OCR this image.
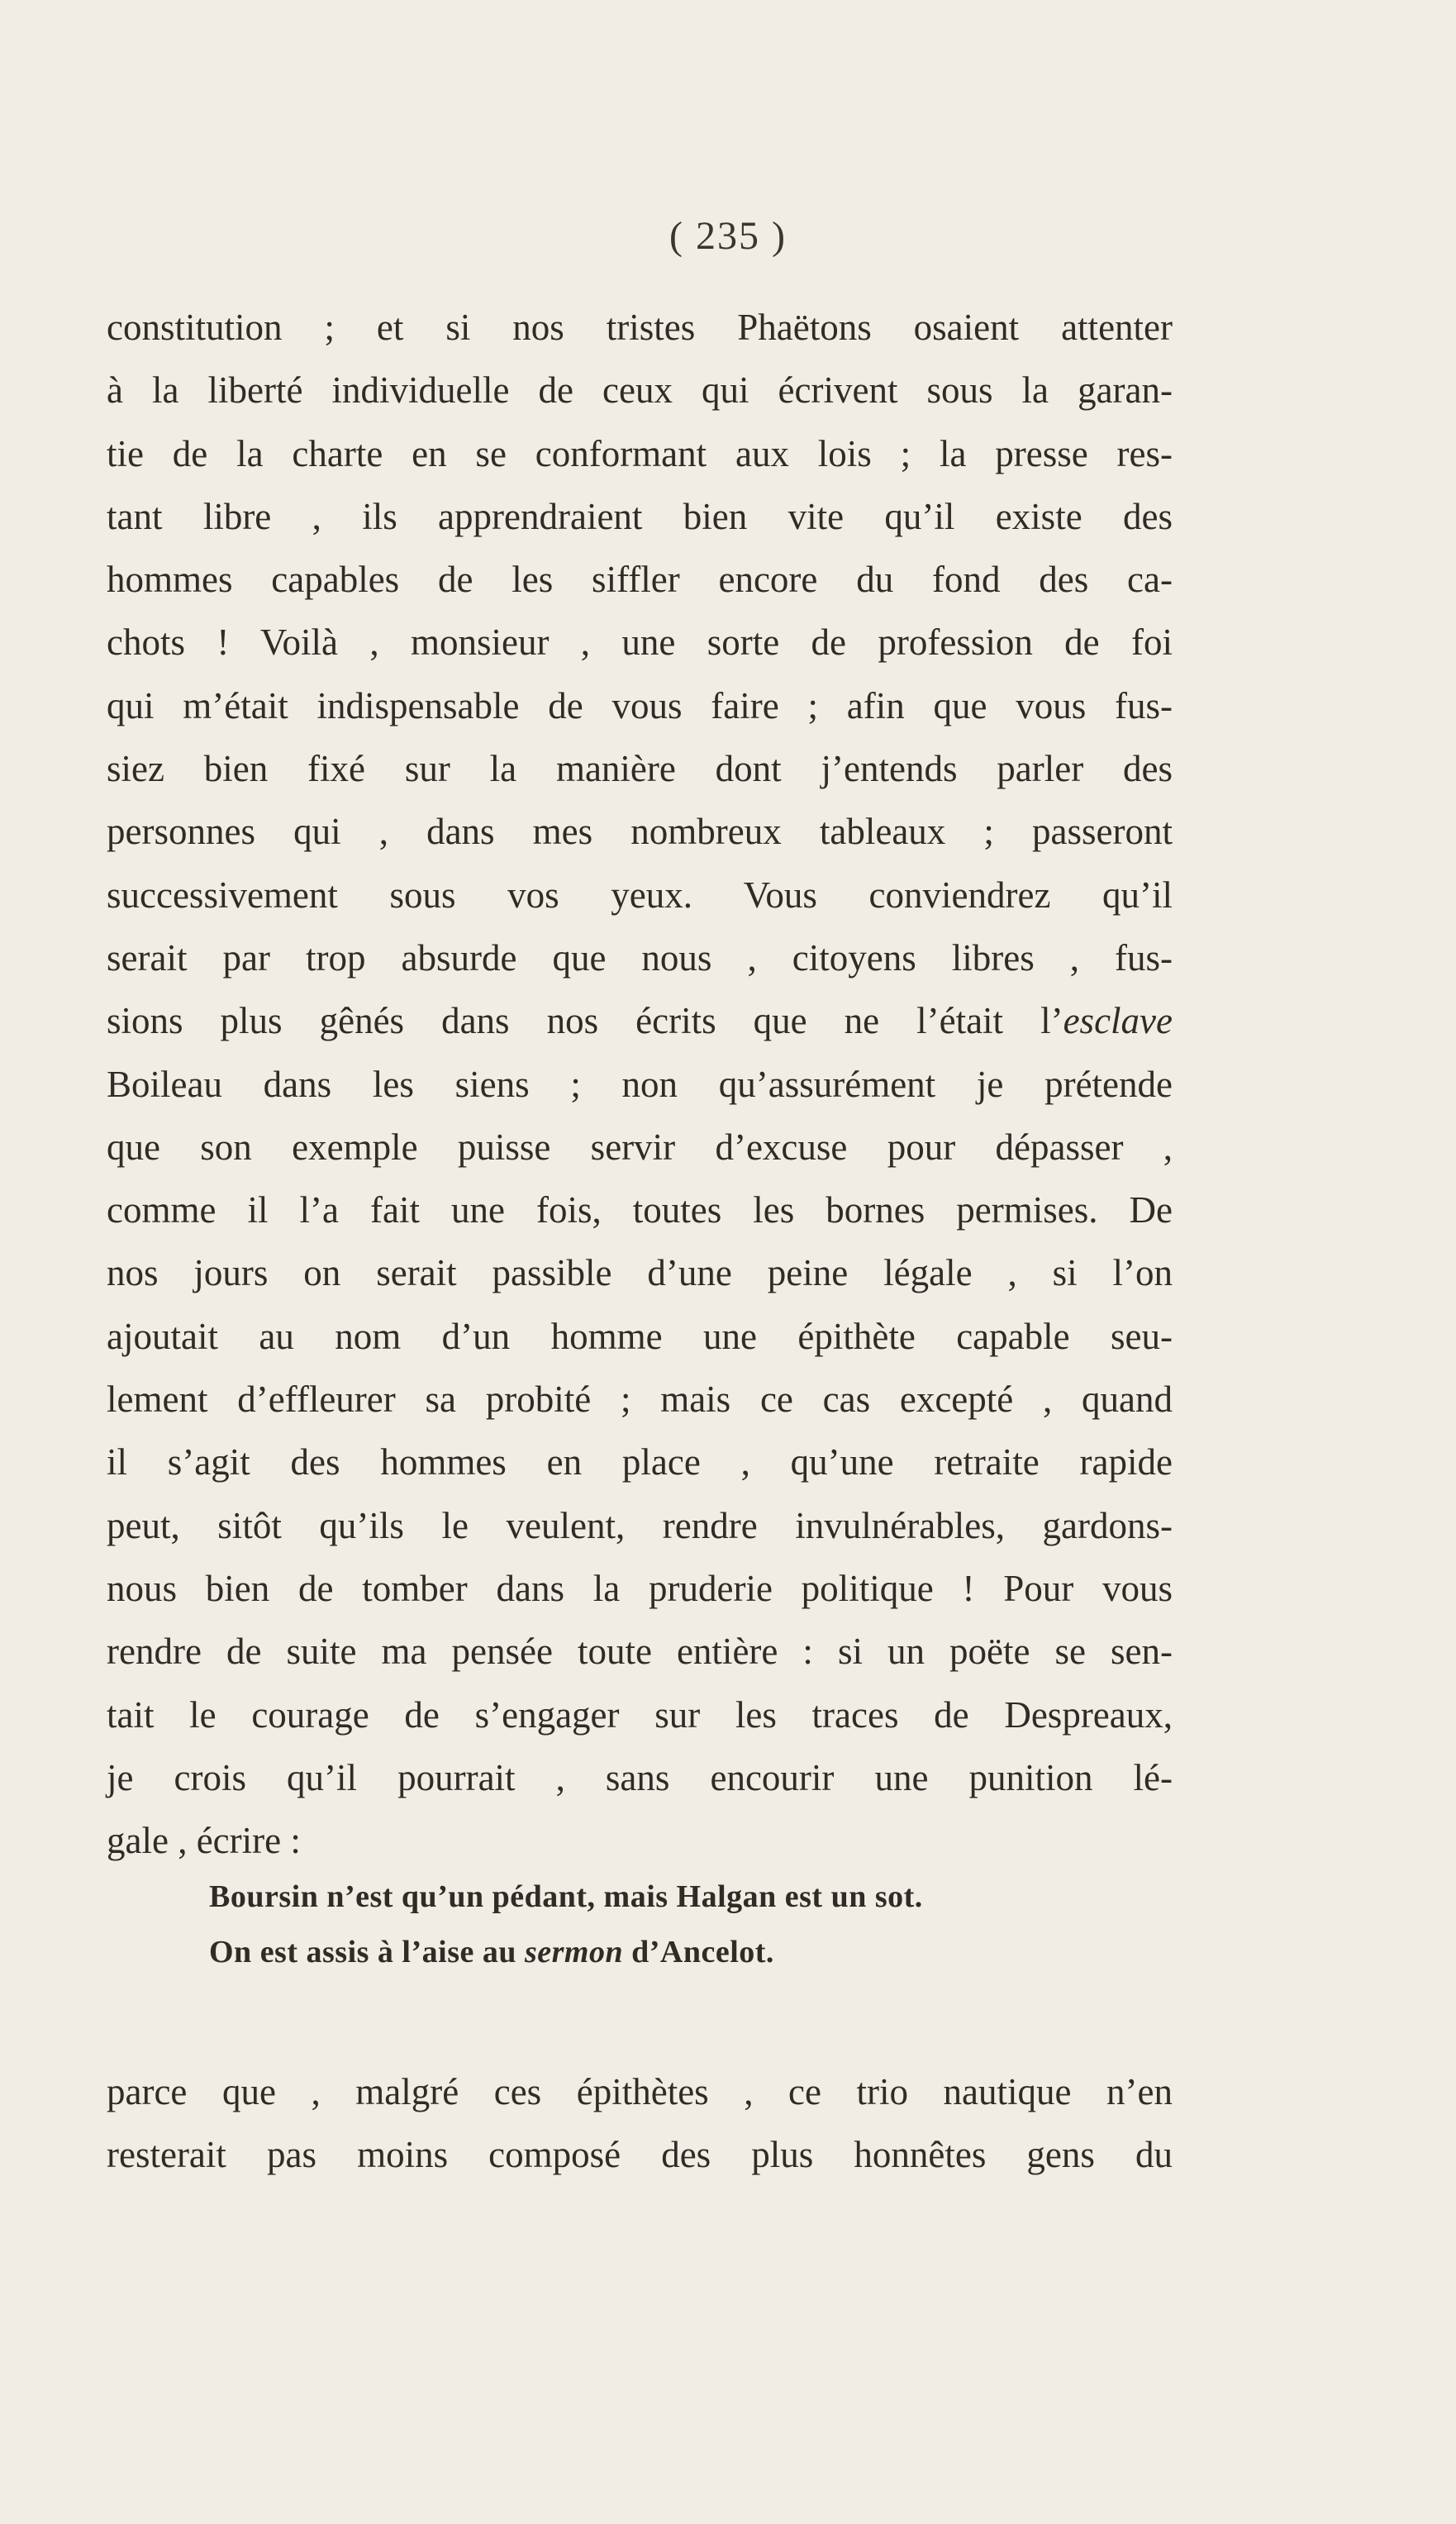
( 235 )
constitution ; et si nos tristes Phaëtons osaient attenter
à la liberté individuelle de ceux qui écrivent sous la garan-
tie de la charte en se conformant aux lois ; la presse res-
tant libre , ils apprendraient bien vite qu’il existe des
hommes capables de les siffler encore du fond des ca-
chots ! Voilà , monsieur , une sorte de profession de foi
qui m’était indispensable de vous faire ; afin que vous fus-
siez bien fixé sur la manière dont j’entends parler des
personnes qui , dans mes nombreux tableaux ; passeront
successivement sous vos yeux. Vous conviendrez qu’il
serait par trop absurde que nous , citoyens libres , fus-
sions plus gênés dans nos écrits que ne l’était l’esclave
Boileau dans les siens ; non qu’assurément je prétende
que son exemple puisse servir d’excuse pour dépasser ,
comme il l’a fait une fois, toutes les bornes permises. De
nos jours on serait passible d’une peine légale , si l’on
ajoutait au nom d’un homme une épithète capable seu-
lement d’effleurer sa probité ; mais ce cas excepté , quand
il s’agit des hommes en place , qu’une retraite rapide
peut, sitôt qu’ils le veulent, rendre invulnérables, gardons-
nous bien de tomber dans la pruderie politique ! Pour vous
rendre de suite ma pensée toute entière : si un poëte se sen-
tait le courage de s’engager sur les traces de Despreaux,
je crois qu’il pourrait , sans encourir une punition lé-
gale , écrire :
Boursin n’est qu’un pédant, mais Halgan est un sot.
On est assis à l’aise au sermon d’Ancelot.
parce que , malgré ces épithètes , ce trio nautique n’en
resterait pas moins composé des plus honnêtes gens du
